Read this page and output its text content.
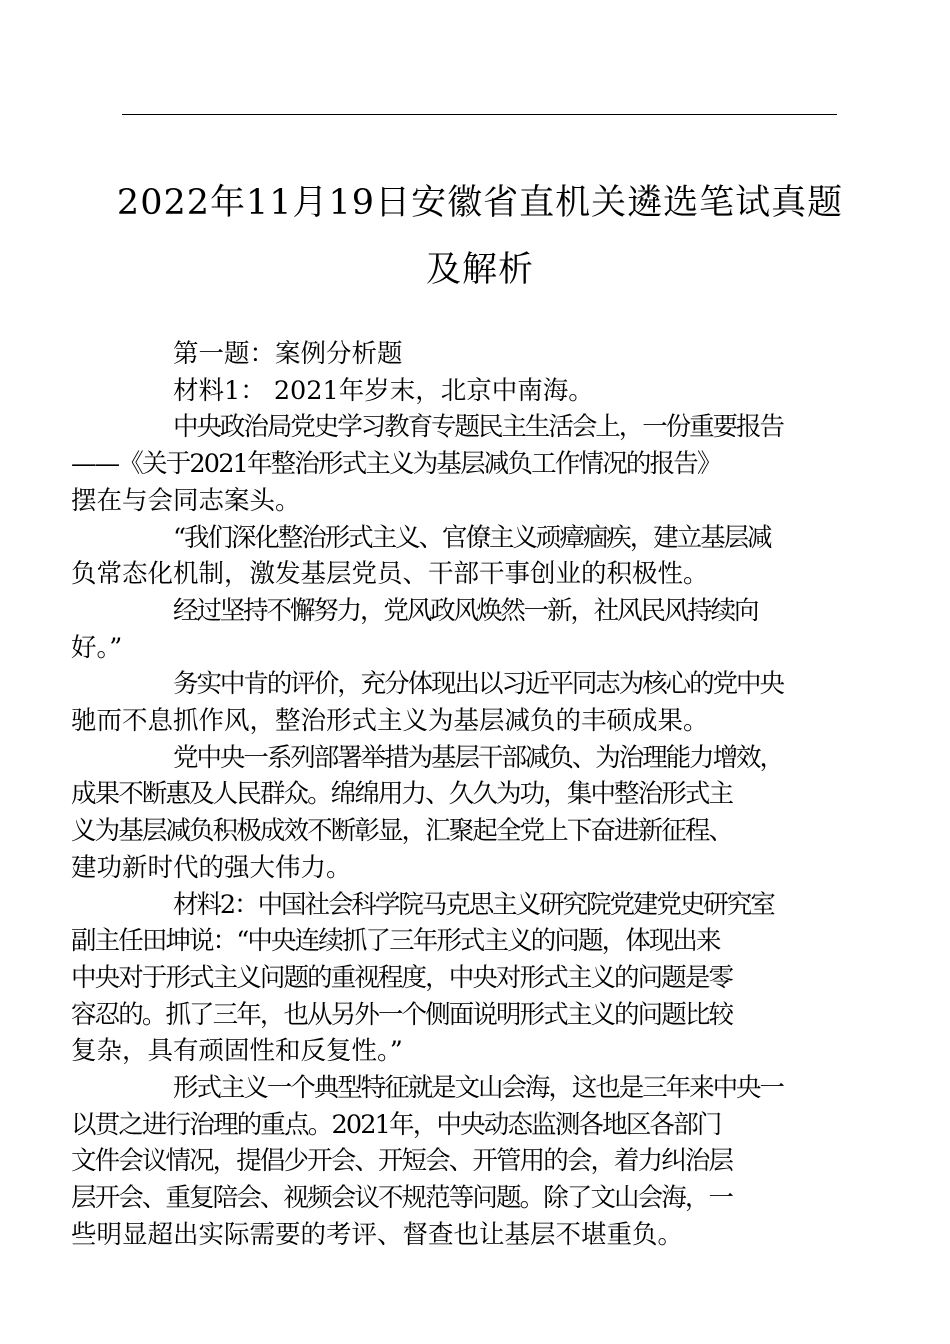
2022年11月19日安徽省直机关遴选笔试真题
及解析

第一题：案例分析题

材料1： 2021年岁末，北京中南海。

中央政治局党史学习教育专题民主生活会上，一份重要报告
——《关于2021年整治形式主义为基层减负工作情况的报告》
摆在与会同志案头。

“我们深化整治形式主义、官僚主义顽瘴痼疾，建立基层减
负常态化机制，激发基层党员、干部干事创业的积极性。

经过坚持不懈努力，党风政风焕然一新，社风民风持续向
好。”

务实中肯的评价，充分体现出以习近平同志为核心的党中央
驰而不息抓作风，整治形式主义为基层减负的丰硕成果。

党中央一系列部署举措为基层干部减负、为治理能力增效，
成果不断惠及人民群众。绵绵用力、久久为功，集中整治形式主
义为基层减负积极成效不断彰显，汇聚起全党上下奋进新征程、
建功新时代的强大伟力。

材料2：中国社会科学院马克思主义研究院党建党史研究室
副主任田坤说：“中央连续抓了三年形式主义的问题，体现出来
中央对于形式主义问题的重视程度，中央对形式主义的问题是零
容忍的。抓了三年，也从另外一个侧面说明形式主义的问题比较
复杂，具有顽固性和反复性。”

形式主义一个典型特征就是文山会海，这也是三年来中央一
以贯之进行治理的重点。2021年，中央动态监测各地区各部门
文件会议情况，提倡少开会、开短会、开管用的会，着力纠治层
层开会、重复陪会、视频会议不规范等问题。除了文山会海，一
些明显超出实际需要的考评、督查也让基层不堪重负。
